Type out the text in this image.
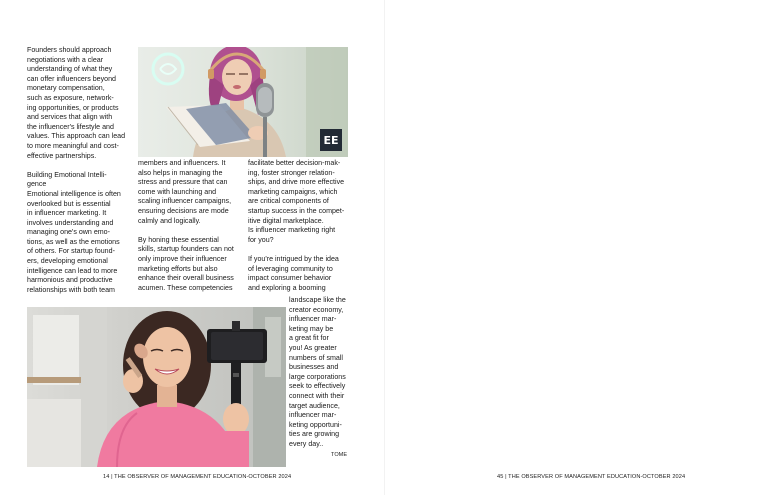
Founders should approach

negotiations with a clear

understanding of what they

can offer influencers beyond

monetary compensation,

such as exposure, network-

ing opportunities, or products

and services that align with

the influencer's lifestyle and

values. This approach can lead

to more meaningful and cost-

effective partnerships.

Building Emotional Intelli-

gence

Emotional intelligence is often

overlooked but is essential

in influencer marketing. It

involves understanding and

managing one's own emo-

tions, as well as the emotions

of others. For startup found-

ers, developing emotional

intelligence can lead to more

harmonious and productive

relationships with both team

EE

members and influencers. It

also helps in managing the

stress and pressure that can

come with launching and

scaling influencer campaigns,

ensuring decisions are mode

calmly and logically.

By honing these essential

skills, startup founders can not

only improve their influencer

marketing efforts but also

enhance their overall business

acumen. These competencies

facilitate better decision-mak-

ing, foster stronger relation-

ships, and drive more effective

marketing campaigns, which

are critical components of

startup success in the compet-

itive digital marketplace.

Is influencer marketing right

for you?

If you're intrigued by the idea

of leveraging community to

impact consumer behavior

and exploring a booming

landscape like the

creator economy,

influencer mar-

keting may be

a great fit for

you! As greater

numbers of small

businesses and

large corporations

seek to effectively

connect with their

target audience,

influencer mar-

keting opportuni-

ties are growing

every day..

TOME
14 | THE OBSERVER OF MANAGEMENT EDUCATION-OCTOBER 2024	45 | THE OBSERVER OF MANAGEMENT EDUCATION-OCTOBER 2024
